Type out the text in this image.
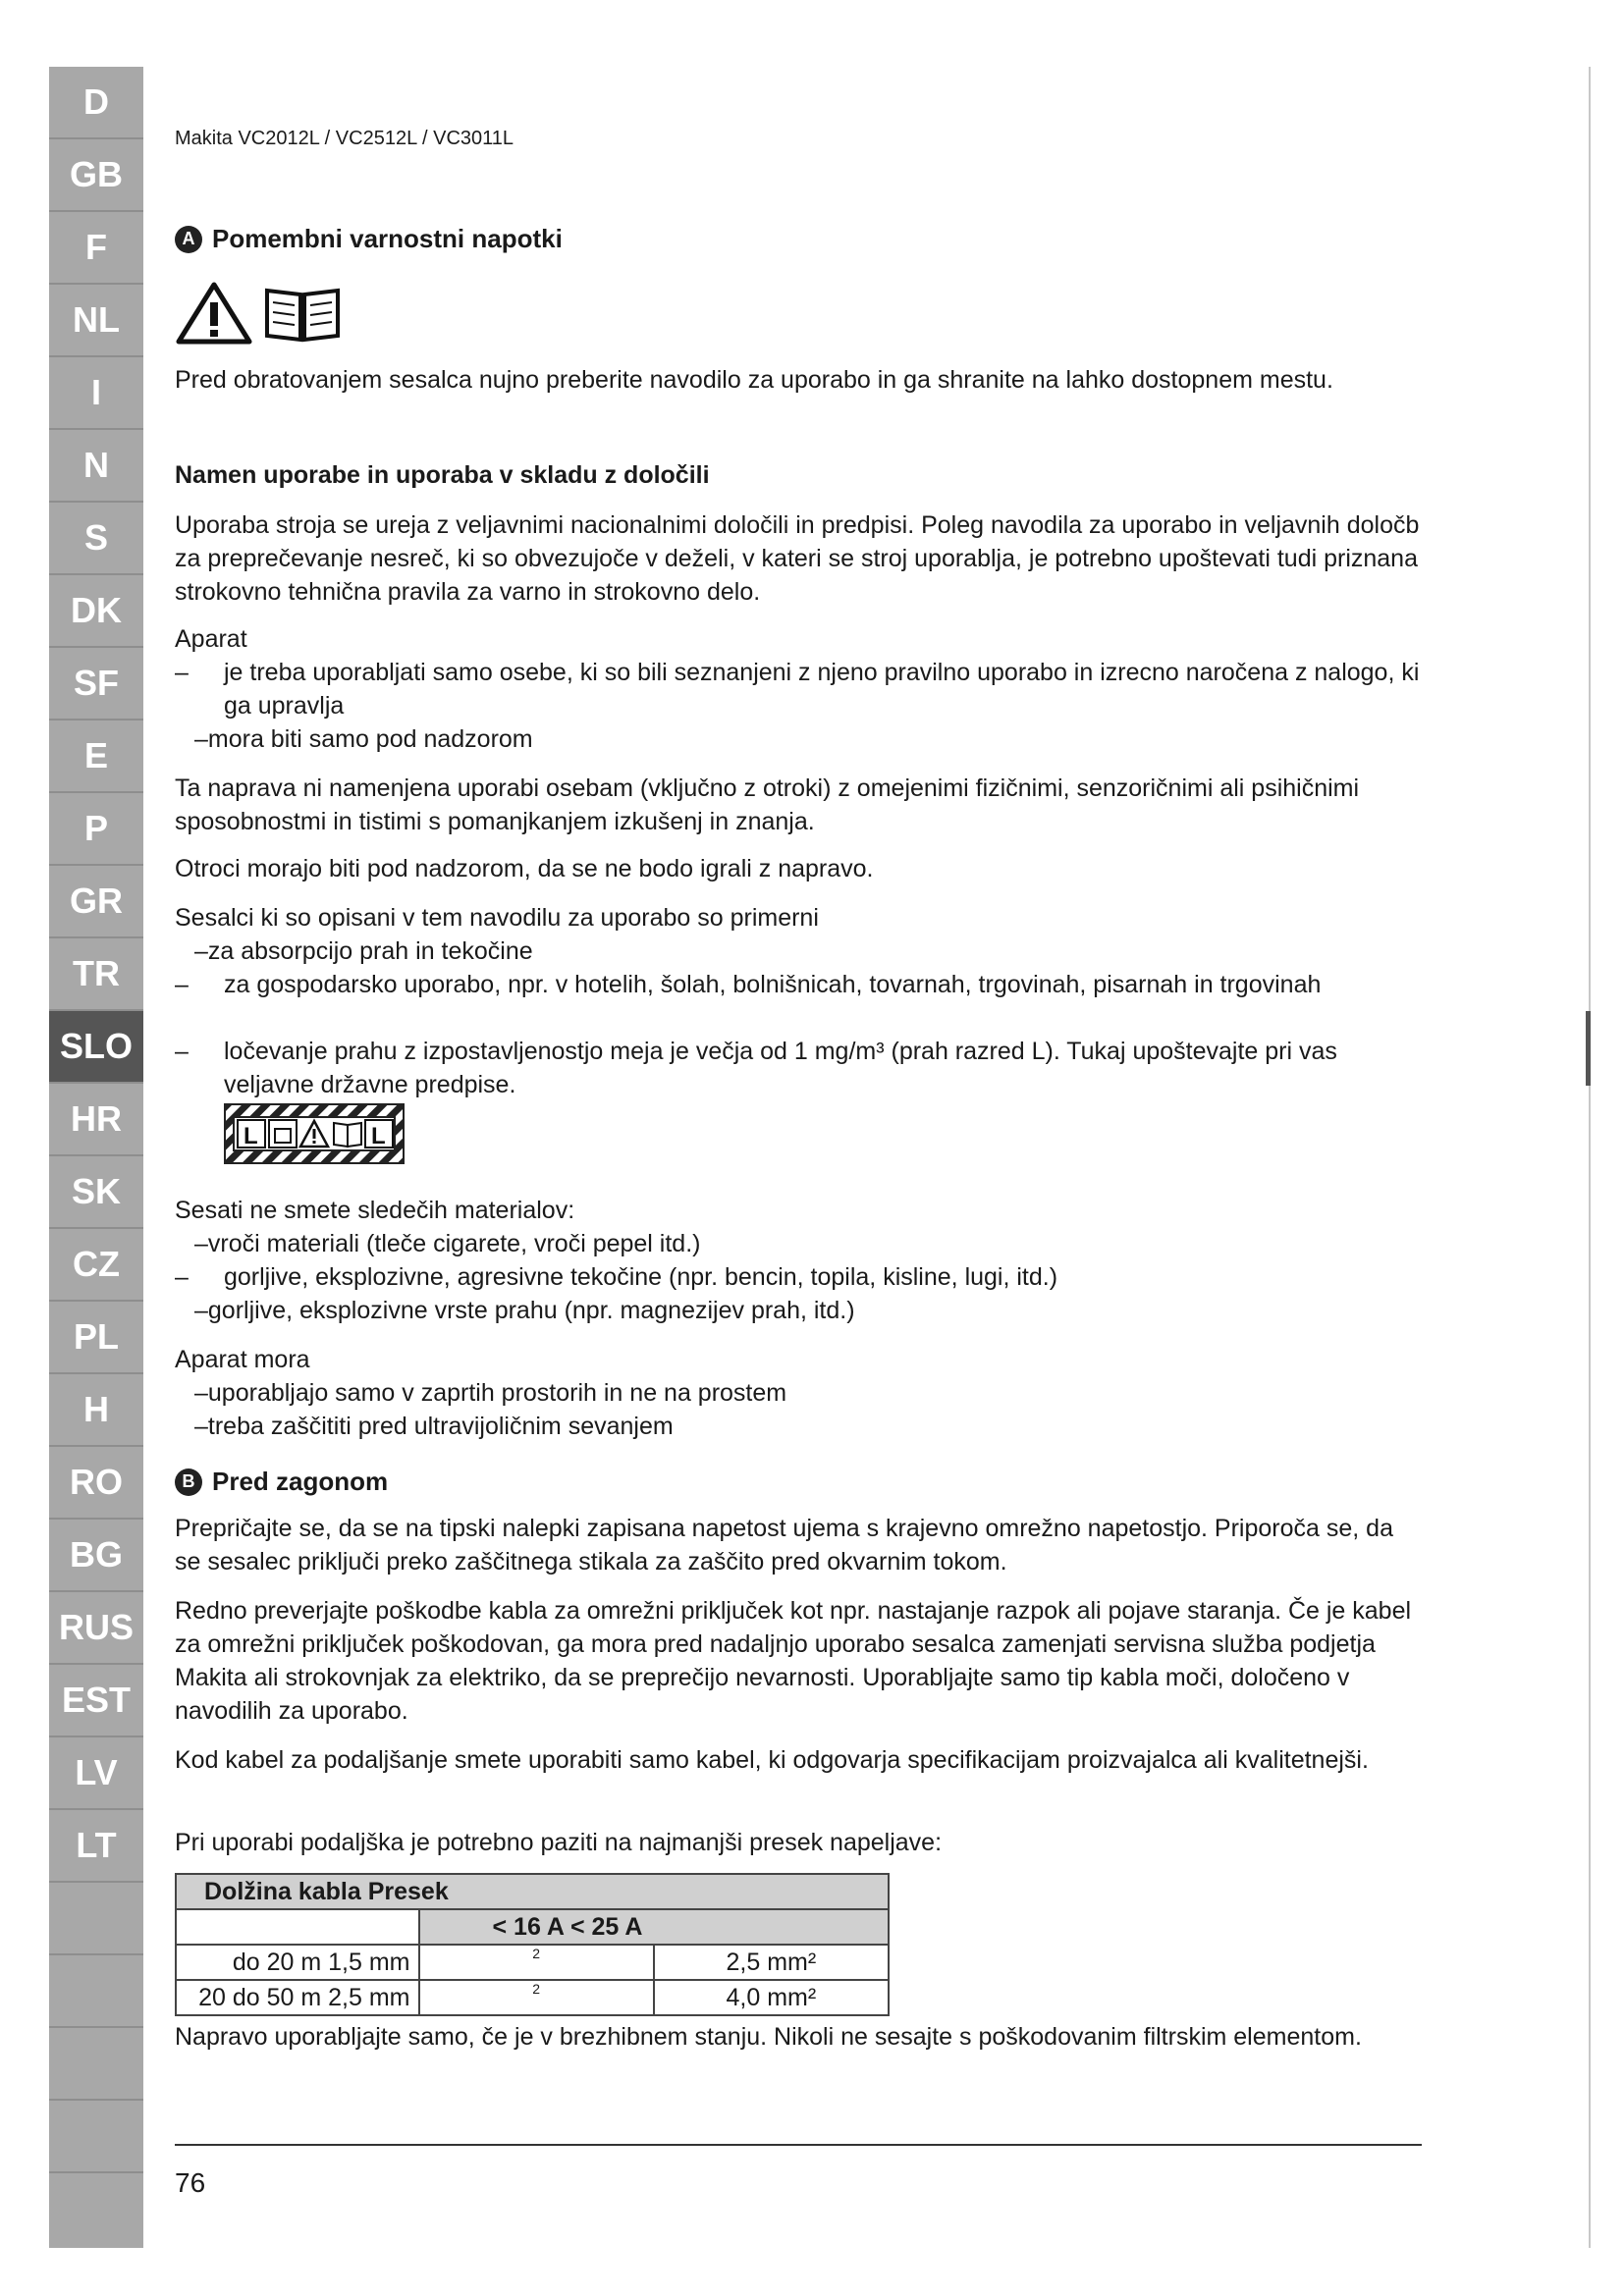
D
GB
F
NL
I
N
S
DK
SF
E
P
GR
TR
SLO
HR
SK
CZ
PL
H
RO
BG
RUS
EST
LV
LT
Makita VC2012L / VC2512L / VC3011L
A Pomembni varnostni napotki
Pred obratovanjem sesalca nujno preberite navodilo za uporabo in ga shranite na lahko dostopnem mestu.
Namen uporabe in uporaba v skladu z določili
Uporaba stroja se ureja z veljavnimi nacionalnimi določili in predpisi. Poleg navodila za uporabo in veljavnih določb za preprečevanje nesreč, ki so obvezujoče v deželi, v kateri se stroj uporablja, je potrebno upoštevati tudi priznana strokovno tehnična pravila za varno in strokovno delo.
Aparat
– je treba uporabljati samo osebe, ki so bili seznanjeni z njeno pravilno uporabo in izrecno naročena z nalogo, ki ga upravlja
–mora biti samo pod nadzorom
Ta naprava ni namenjena uporabi osebam (vključno z otroki) z omejenimi fizičnimi, senzoričnimi ali psihičnimi sposobnostmi in tistimi s pomanjkanjem izkušenj in znanja.
Otroci morajo biti pod nadzorom, da se ne bodo igrali z napravo.
Sesalci ki so opisani v tem navodilu za uporabo so primerni
–za absorpcijo prah in tekočine
– za gospodarsko uporabo, npr. v hotelih, šolah, bolnišnicah, tovarnah, trgovinah, pisarnah in trgovinah
– ločevanje prahu z izpostavljenostjo meja je večja od 1 mg/m³ (prah razred L). Tukaj upoštevajte pri vas veljavne državne predpise.
L	L
Sesati ne smete sledečih materialov:
–vroči materiali (tleče cigarete, vroči pepel itd.)
– gorljive, eksplozivne, agresivne tekočine (npr. bencin, topila, kisline, lugi, itd.)
–gorljive, eksplozivne vrste prahu (npr. magnezijev prah, itd.)
Aparat mora
–uporabljajo samo v zaprtih prostorih in ne na prostem
–treba zaščititi pred ultravijoličnim sevanjem
B Pred zagonom
Prepričajte se, da se na tipski nalepki zapisana napetost ujema s krajevno omrežno napetostjo. Priporoča se, da se sesalec priključi preko zaščitnega stikala za zaščito pred okvarnim tokom.
Redno preverjajte poškodbe kabla za omrežni priključek kot npr. nastajanje razpok ali pojave staranja. Če je kabel za omrežni priključek poškodovan, ga mora pred nadaljnjo uporabo sesalca zamenjati servisna služba podjetja Makita ali strokovnjak za elektriko, da se preprečijo nevarnosti. Uporabljajte samo tip kabla moči, določeno v navodilih za uporabo.
Kod kabel za podaljšanje smete uporabiti samo kabel, ki odgovarja specifikacijam proizvajalca ali kvalitetnejši.
Pri uporabi podaljška je potrebno paziti na najmanjši presek napeljave:
Dolžina kabla Presek		
	< 16 A < 25 A	
do 20 m 1,5 mm	2	2,5 mm²
20 do 50 m 2,5 mm	2	4,0 mm²
Napravo uporabljajte samo, če je v brezhibnem stanju. Nikoli ne sesajte s poškodovanim filtrskim elementom.
76
